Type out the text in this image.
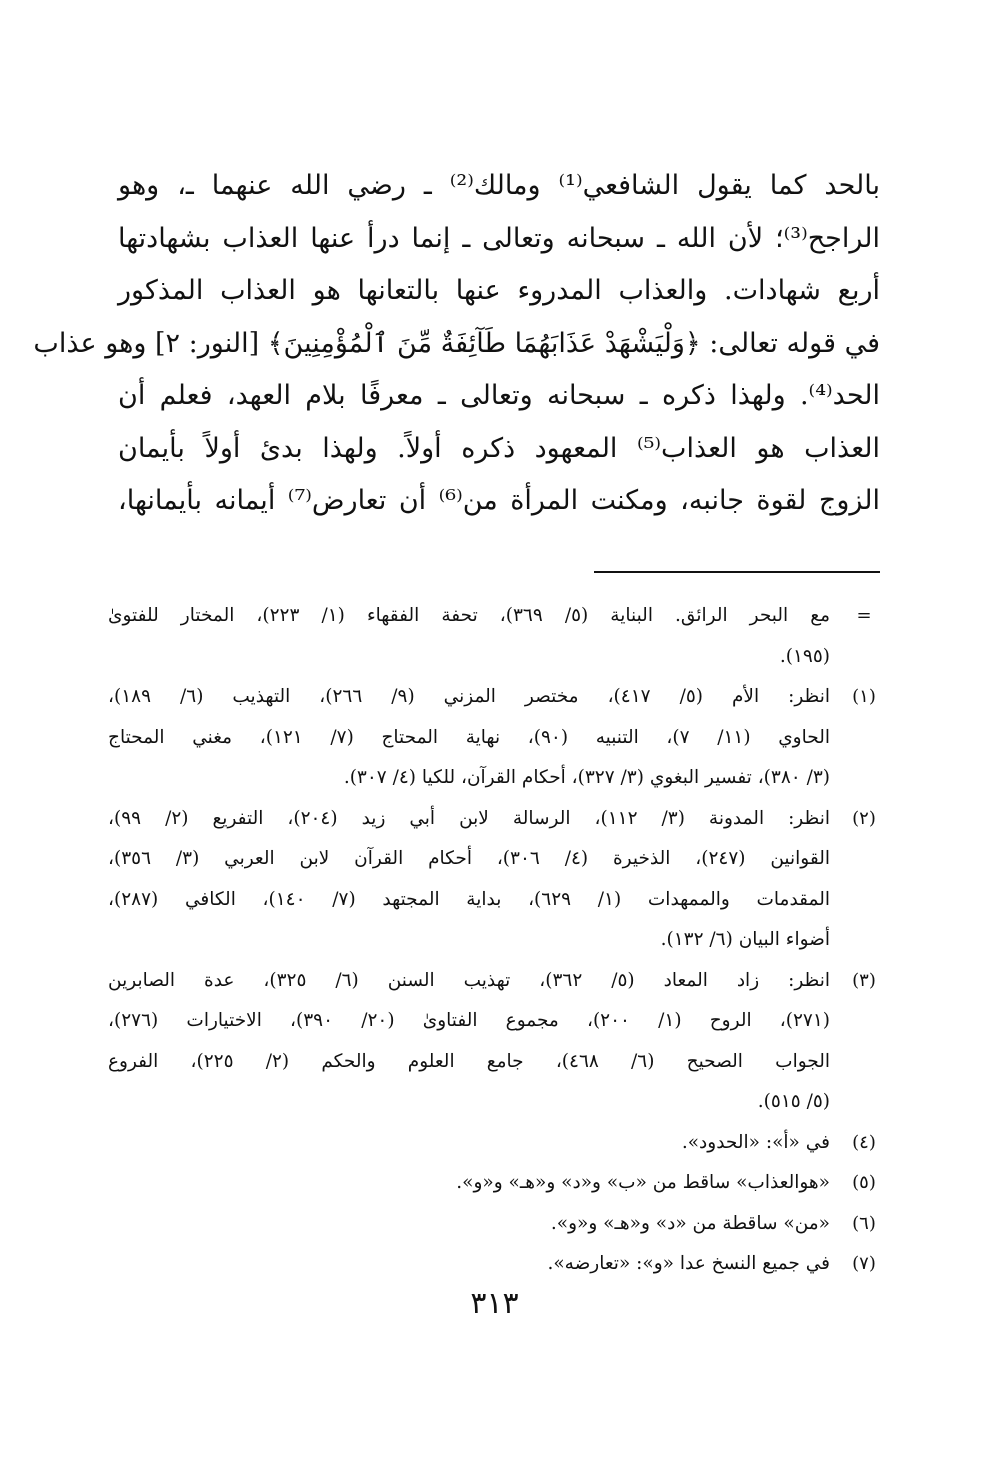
بالحد كما يقول الشافعي⁽¹⁾ ومالك⁽²⁾ ـ رضي الله عنهما ـ، وهو
الراجح⁽³⁾؛ لأن الله ـ سبحانه وتعالى ـ إنما درأ عنها العذاب بشهادتها
أربع شهادات. والعذاب المدروء عنها بالتعانها هو العذاب المذكور
في قوله تعالى: ﴿وَلْيَشْهَدْ عَذَابَهُمَا طَآئِفَةٌ مِّنَ ٱلْمُؤْمِنِينَ﴾ [النور: ٢] وهو عذاب
الحد⁽⁴⁾. ولهذا ذكره ـ سبحانه وتعالى ـ معرفًا بلام العهد، فعلم أن
العذاب هو العذاب⁽⁵⁾ المعهود ذكره أولاً. ولهذا بدئ أولاً بأيمان
الزوج لقوة جانبه، ومكنت المرأة من⁽⁶⁾ أن تعارض⁽⁷⁾ أيمانه بأيمانها،
=
مع البحر الرائق. البناية (٥/ ٣٦٩)، تحفة الفقهاء (١/ ٢٢٣)، المختار للفتوىٰ
(١٩٥).
(١)
انظر: الأم (٥/ ٤١٧)، مختصر المزني (٩/ ٢٦٦)، التهذيب (٦/ ١٨٩)،
الحاوي (١١/ ٧)، التنبيه (٩٠)، نهاية المحتاج (٧/ ١٢١)، مغني المحتاج
(٣/ ٣٨٠)، تفسير البغوي (٣/ ٣٢٧)، أحكام القرآن، للكيا (٤/ ٣٠٧).
(٢)
انظر: المدونة (٣/ ١١٢)، الرسالة لابن أبي زيد (٢٠٤)، التفريع (٢/ ٩٩)،
القوانين (٢٤٧)، الذخيرة (٤/ ٣٠٦)، أحكام القرآن لابن العربي (٣/ ٣٥٦)،
المقدمات والممهدات (١/ ٦٢٩)، بداية المجتهد (٧/ ١٤٠)، الكافي (٢٨٧)،
أضواء البيان (٦/ ١٣٢).
(٣)
انظر: زاد المعاد (٥/ ٣٦٢)، تهذيب السنن (٦/ ٣٢٥)، عدة الصابرين
(٢٧١)، الروح (١/ ٢٠٠)، مجموع الفتاوىٰ (٢٠/ ٣٩٠)، الاختيارات (٢٧٦)،
الجواب الصحيح (٦/ ٤٦٨)، جامع العلوم والحكم (٢/ ٢٢٥)، الفروع
(٥/ ٥١٥).
(٤)
في «أ»: «الحدود».
(٥)
«هوالعذاب» ساقط من «ب» و«د» و«هـ» و«و».
(٦)
«من» ساقطة من «د» و«هـ» و«و».
(٧)
في جميع النسخ عدا «و»: «تعارضه».
٣١٣
